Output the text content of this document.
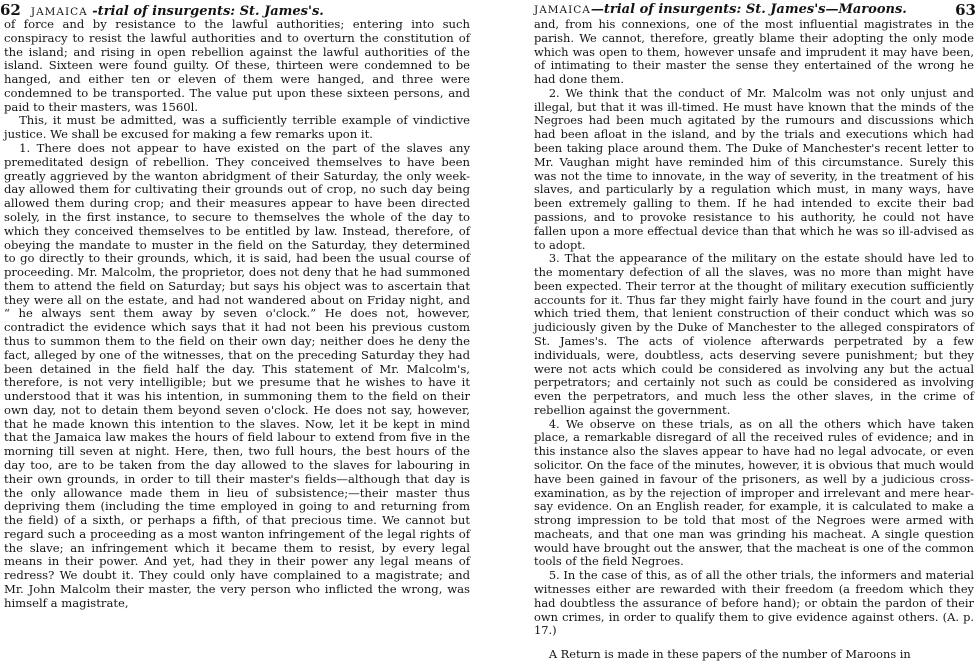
62 JAMAICA -trial of insurgents: St. James's.

of force and by resistance to the lawful authorities; entering into such conspiracy to resist the lawful authorities and to overturn the constitution of the island; and rising in open rebellion against the lawful authorities of the island. Sixteen were found guilty. Of these, thirteen were condemned to be hanged, and either ten or eleven of them were hanged, and three were condemned to be transported. The value put upon these sixteen persons, and paid to their masters, was 1560l.

This, it must be admitted, was a sufficiently terrible example of vindictive justice. We shall be excused for making a few remarks upon it.

1. There does not appear to have existed on the part of the slaves any premeditated design of rebellion. They conceived themselves to have been greatly aggrieved by the wanton abridgment of their Saturday, the only week-day allowed them for cultivating their grounds out of crop, no such day being allowed them during crop; and their measures appear to have been directed solely, in the first instance, to secure to themselves the whole of the day to which they conceived themselves to be entitled by law. Instead, therefore, of obeying the mandate to muster in the field on the Saturday, they determined to go directly to their grounds, which, it is said, had been the usual course of proceeding. Mr. Malcolm, the proprietor, does not deny that he had summoned them to attend the field on Saturday; but says his object was to ascertain that they were all on the estate, and had not wandered about on Friday night, and “ he always sent them away by seven o'clock.” He does not, however, contradict the evidence which says that it had not been his previous custom thus to summon them to the field on their own day; neither does he deny the fact, alleged by one of the witnesses, that on the preceding Saturday they had been detained in the field half the day. This statement of Mr. Malcolm's, therefore, is not very intelligible; but we presume that he wishes to have it understood that it was his intention, in summoning them to the field on their own day, not to detain them beyond seven o'clock. He does not say, however, that he made known this intention to the slaves. Now, let it be kept in mind that the Jamaica law makes the hours of field labour to extend from five in the morning till seven at night. Here, then, two full hours, the best hours of the day too, are to be taken from the day allowed to the slaves for labouring in their own grounds, in order to till their master's fields—although that day is the only allowance made them in lieu of subsistence;—their master thus depriving them (including the time employed in going to and returning from the field) of a sixth, or perhaps a fifth, of that precious time. We cannot but regard such a proceeding as a most wanton infringement of the legal rights of the slave; an infringement which it became them to resist, by every legal means in their power. And yet, had they in their power any legal means of redress? We doubt it. They could only have complained to a magistrate; and Mr. John Malcolm their master, the very person who inflicted the wrong, was himself a magistrate,

JAMAICA—trial of insurgents: St. James's—Maroons.	63

and, from his connexions, one of the most influential magistrates in the parish. We cannot, therefore, greatly blame their adopting the only mode which was open to them, however unsafe and imprudent it may have been, of intimating to their master the sense they entertained of the wrong he had done them.

2. We think that the conduct of Mr. Malcolm was not only unjust and illegal, but that it was ill-timed. He must have known that the minds of the Negroes had been much agitated by the rumours and discussions which had been afloat in the island, and by the trials and executions which had been taking place around them. The Duke of Manchester's recent letter to Mr. Vaughan might have reminded him of this circumstance. Surely this was not the time to innovate, in the way of severity, in the treatment of his slaves, and particularly by a regulation which must, in many ways, have been extremely galling to them. If he had intended to excite their bad passions, and to provoke resistance to his authority, he could not have fallen upon a more effectual device than that which he was so ill-advised as to adopt.

3. That the appearance of the military on the estate should have led to the momentary defection of all the slaves, was no more than might have been expected. Their terror at the thought of military execution sufficiently accounts for it. Thus far they might fairly have found in the court and jury which tried them, that lenient construction of their conduct which was so judiciously given by the Duke of Manchester to the alleged conspirators of St. James's. The acts of violence afterwards perpetrated by a few individuals, were, doubtless, acts deserving severe punishment; but they were not acts which could be considered as involving any but the actual perpetrators; and certainly not such as could be considered as involving even the perpetrators, and much less the other slaves, in the crime of rebellion against the government.

4. We observe on these trials, as on all the others which have taken place, a remarkable disregard of all the received rules of evidence; and in this instance also the slaves appear to have had no legal advocate, or even solicitor. On the face of the minutes, however, it is obvious that much would have been gained in favour of the prisoners, as well by a judicious cross-examination, as by the rejection of improper and irrelevant and mere hear-say evidence. On an English reader, for example, it is calculated to make a strong impression to be told that most of the Negroes were armed with macheats, and that one man was grinding his macheat. A single question would have brought out the answer, that the macheat is one of the common tools of the field Negroes.

5. In the case of this, as of all the other trials, the informers and material witnesses either are rewarded with their freedom (a freedom which they had doubtless the assurance of before hand); or obtain the pardon of their own crimes, in order to qualify them to give evidence against others. (A. p. 17.)

A Return is made in these papers of the number of Maroons in
